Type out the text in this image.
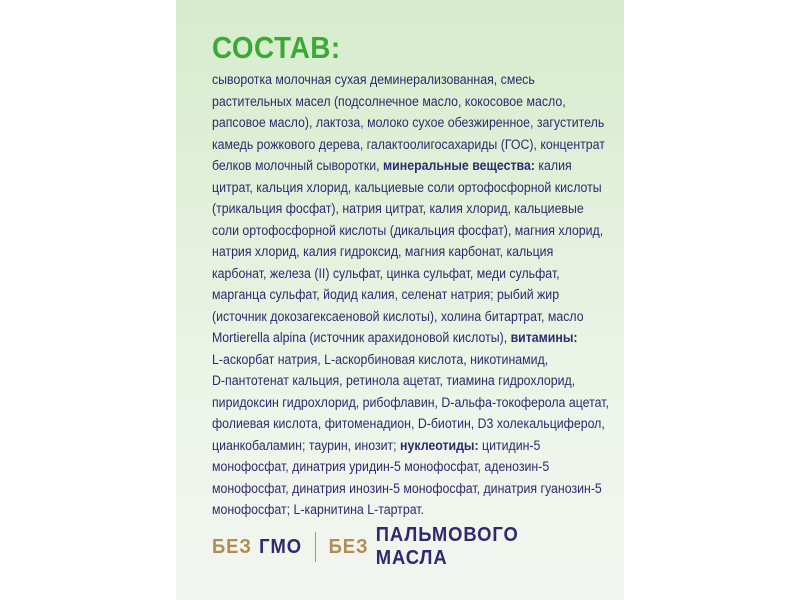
СОСТАВ:
сыворотка молочная сухая деминерализованная, смесь
растительных масел (подсолнечное масло, кокосовое масло,
рапсовое масло), лактоза, молоко сухое обезжиренное, загуститель
камедь рожкового дерева, галактоолигосахариды (ГОС), концентрат
белков молочный сыворотки, минеральные вещества: калия
цитрат, кальция хлорид, кальциевые соли ортофосфорной кислоты
(трикальция фосфат), натрия цитрат, калия хлорид, кальциевые
соли ортофосфорной кислоты (дикальция фосфат), магния хлорид,
натрия хлорид, калия гидроксид, магния карбонат, кальция
карбонат, железа (II) сульфат, цинка сульфат, меди сульфат,
марганца сульфат, йодид калия, селенат натрия; рыбий жир
(источник докозагексаеновой кислоты), холина битартрат, масло
Mortierella alpina (источник арахидоновой кислоты), витамины:
L-аскорбат натрия, L-аскорбиновая кислота, никотинамид,
D-пантотенат кальция, ретинола ацетат, тиамина гидрохлорид,
пиридоксин гидрохлорид, рибофлавин, D-альфа-токоферола ацетат,
фолиевая кислота, фитоменадион, D-биотин, D3 холекальциферол,
цианкобаламин; таурин, инозит; нуклеотиды: цитидин-5
монофосфат, динатрия уридин-5 монофосфат, аденозин-5
монофосфат, динатрия инозин-5 монофосфат, динатрия гуанозин-5
монофосфат; L-карнитина L-тартрат.
БЕЗ ГМО БЕЗ
ПАЛЬМОВОГО МАСЛА
